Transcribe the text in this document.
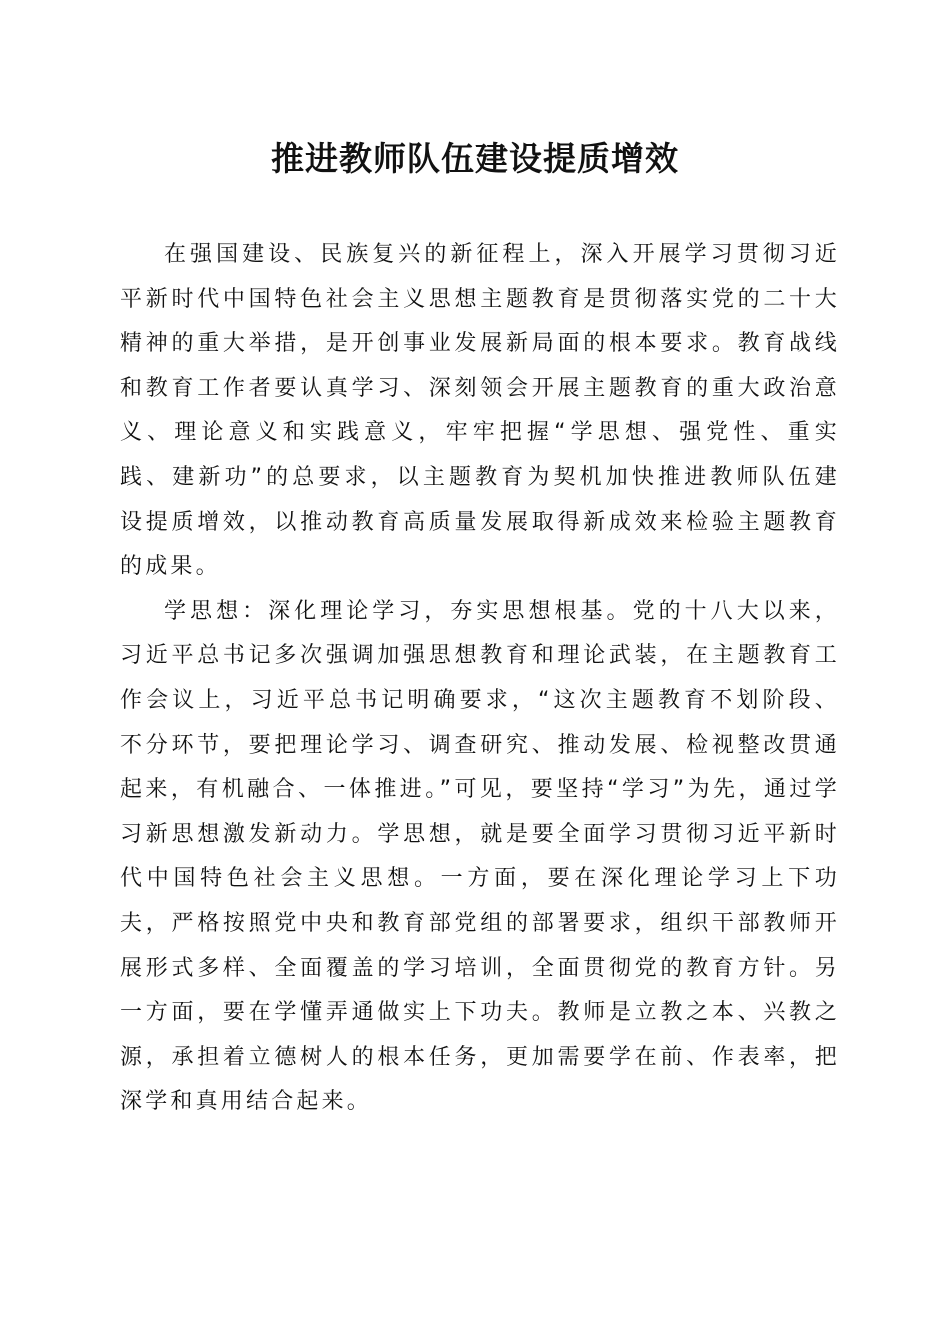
推进教师队伍建设提质增效

在强国建设、民族复兴的新征程上，深入开展学习贯彻习近平新时代中国特色社会主义思想主题教育是贯彻落实党的二十大精神的重大举措，是开创事业发展新局面的根本要求。教育战线和教育工作者要认真学习、深刻领会开展主题教育的重大政治意义、理论意义和实践意义，牢牢把握“学思想、强党性、重实践、建新功”的总要求，以主题教育为契机加快推进教师队伍建设提质增效，以推动教育高质量发展取得新成效来检验主题教育的成果。

学思想：深化理论学习，夯实思想根基。党的十八大以来，习近平总书记多次强调加强思想教育和理论武装，在主题教育工作会议上，习近平总书记明确要求，“这次主题教育不划阶段、不分环节，要把理论学习、调查研究、推动发展、检视整改贯通起来，有机融合、一体推进。”可见，要坚持“学习”为先，通过学习新思想激发新动力。学思想，就是要全面学习贯彻习近平新时代中国特色社会主义思想。一方面，要在深化理论学习上下功夫，严格按照党中央和教育部党组的部署要求，组织干部教师开展形式多样、全面覆盖的学习培训，全面贯彻党的教育方针。另一方面，要在学懂弄通做实上下功夫。教师是立教之本、兴教之源，承担着立德树人的根本任务，更加需要学在前、作表率，把深学和真用结合起来。
